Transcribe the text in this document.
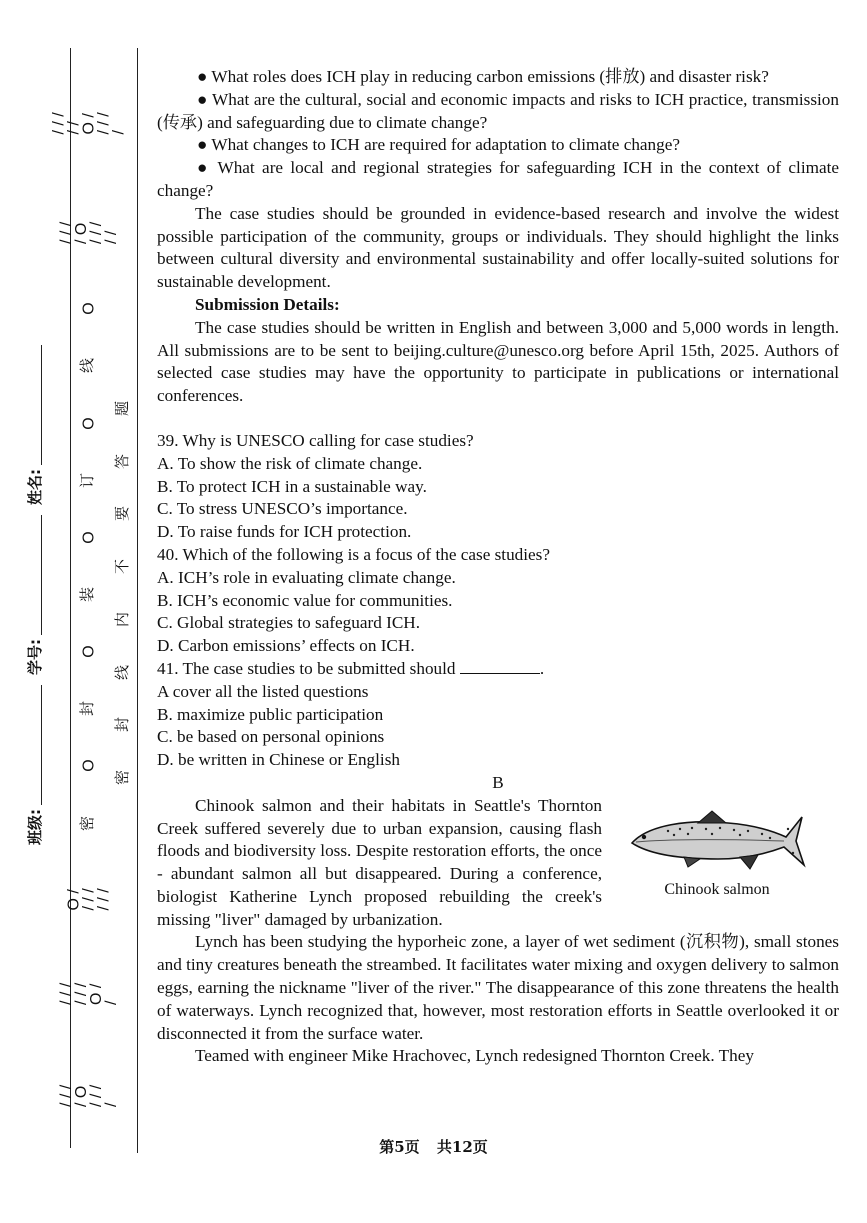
/ / / / / O / / / / /
/ / / / O / / / / /
O
线
O
订
O
装
O
封
O
密
O / / / / / / /
/ / / / / / O / /
/ / / / O / / / /
题
答
要
不
内
线
封
密
班级:
学号:
姓名:

● What roles does ICH play in reducing carbon emissions (排放) and disaster risk?

● What are the cultural, social and economic impacts and risks to ICH practice, transmission (传承) and safeguarding due to climate change?

● What changes to ICH are required for adaptation to climate change?

● What are local and regional strategies for safeguarding ICH in the context of climate change?

The case studies should be grounded in evidence-based research and involve the widest possible participation of the community, groups or individuals. They should highlight the links between cultural diversity and environmental sustainability and offer locally-suited solutions for sustainable development.

Submission Details:

The case studies should be written in English and between 3,000 and 5,000 words in length. All submissions are to be sent to beijing.culture@unesco.org before April 15th, 2025. Authors of selected case studies may have the opportunity to participate in publications or international conferences.

39. Why is UNESCO calling for case studies?

A. To show the risk of climate change.

B. To protect ICH in a sustainable way.

C. To stress UNESCO’s importance.

D. To raise funds for ICH protection.

40. Which of the following is a focus of the case studies?

A. ICH’s role in evaluating climate change.

B. ICH’s economic value for communities.

C. Global strategies to safeguard ICH.

D. Carbon emissions’ effects on ICH.

41. The case studies to be submitted should	.

A cover all the listed questions

B. maximize public participation

C. be based on personal opinions

D. be written in Chinese or English

B

Chinook salmon and their habitats in Seattle's Thornton Creek suffered severely due to urban expansion, causing flash floods and biodiversity loss. Despite restoration efforts, the once - abundant salmon all but disappeared. During a conference, biologist Katherine Lynch proposed rebuilding the creek's missing "liver" damaged by urbanization.

Chinook salmon

Lynch has been studying the hyporheic zone, a layer of wet sediment (沉积物), small stones and tiny creatures beneath the streambed. It facilitates water mixing and oxygen delivery to salmon eggs, earning the nickname "liver of the river." The disappearance of this zone threatens the health of waterways. Lynch recognized that, however, most restoration efforts in Seattle overlooked it or disconnected it from the surface water.

Teamed with engineer Mike Hrachovec, Lynch redesigned Thornton Creek. They

第5页 共12页
